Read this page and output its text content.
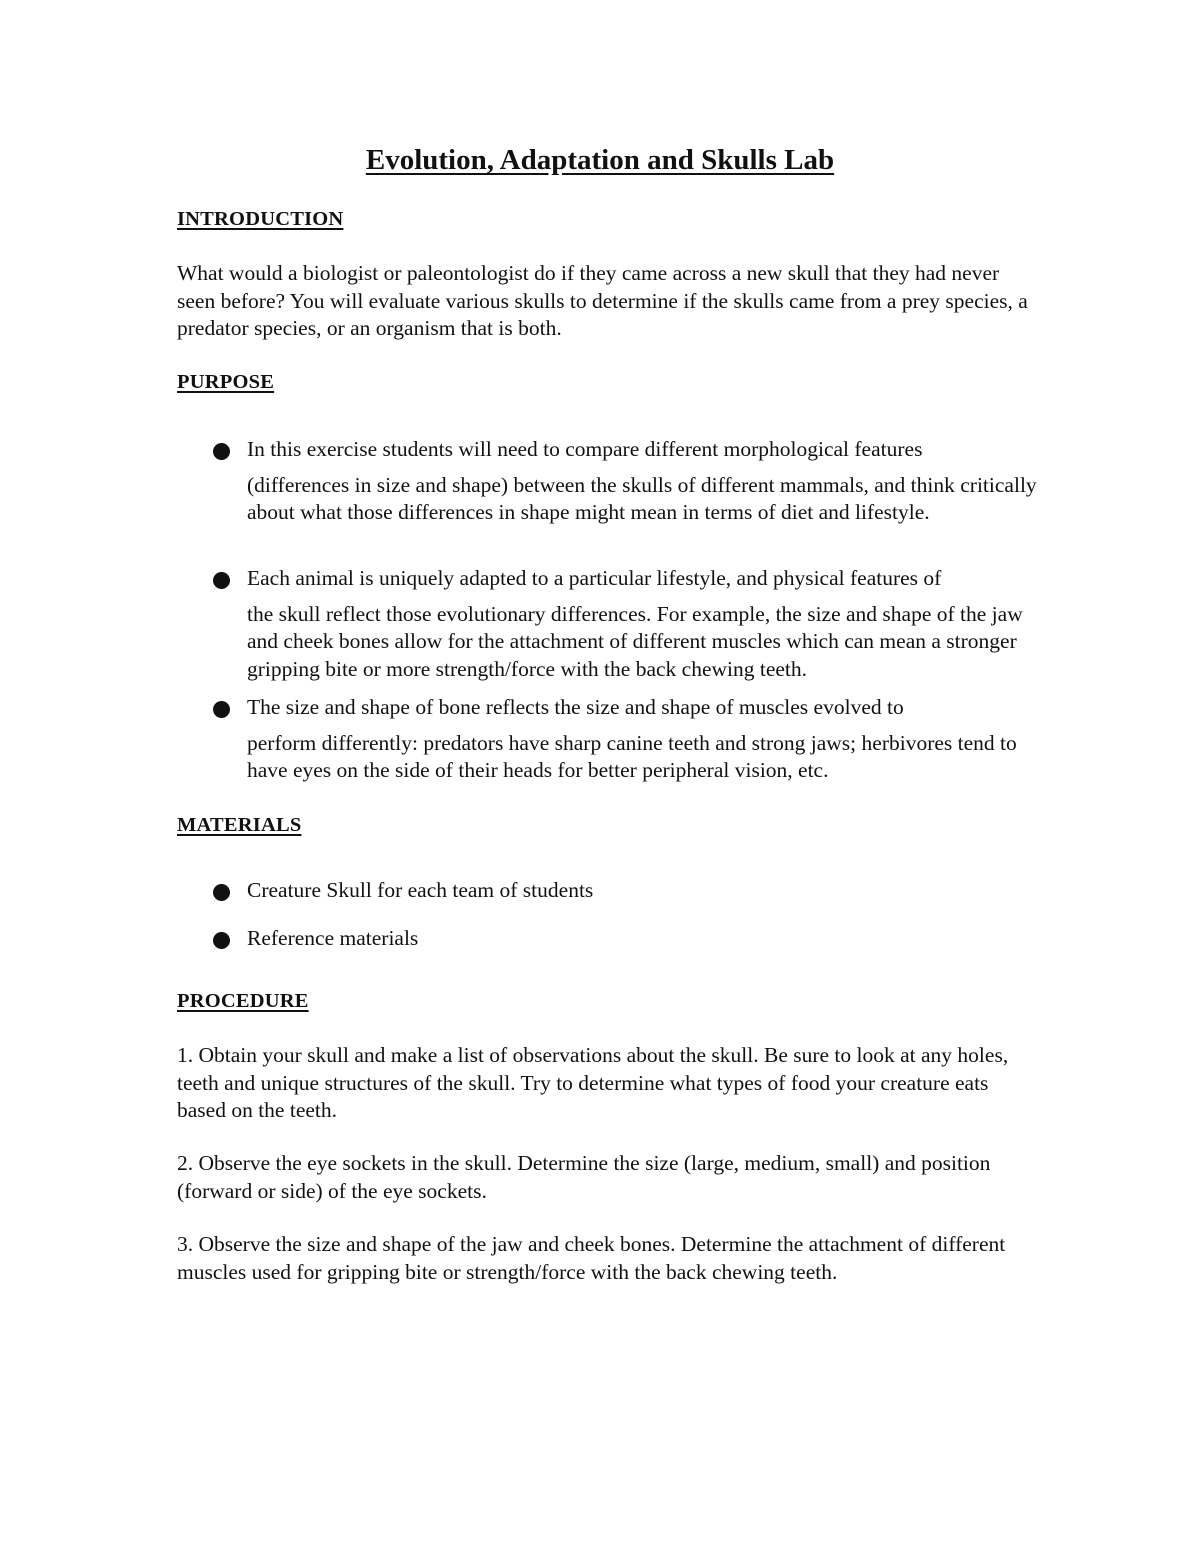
Evolution, Adaptation and Skulls Lab
INTRODUCTION

What would a biologist or paleontologist do if they came across a new skull that they had never seen before? You will evaluate various skulls to determine if the skulls came from a prey species, a predator species, or an organism that is both.

PURPOSE

In this exercise students will need to compare different morphological features
(differences in size and shape) between the skulls of different mammals, and think critically about what those differences in shape might mean in terms of diet and lifestyle.

Each animal is uniquely adapted to a particular lifestyle, and physical features of
the skull reflect those evolutionary differences. For example, the size and shape of the jaw and cheek bones allow for the attachment of different muscles which can mean a stronger gripping bite or more strength/force with the back chewing teeth.

The size and shape of bone reflects the size and shape of muscles evolved to
perform differently: predators have sharp canine teeth and strong jaws; herbivores tend to have eyes on the side of their heads for better peripheral vision, etc.

MATERIALS

Creature Skull for each team of students

Reference materials

PROCEDURE

1. Obtain your skull and make a list of observations about the skull. Be sure to look at any holes, teeth and unique structures of the skull. Try to determine what types of food your creature eats based on the teeth.

2. Observe the eye sockets in the skull. Determine the size (large, medium, small) and position (forward or side) of the eye sockets.

3. Observe the size and shape of the jaw and cheek bones. Determine the attachment of different muscles used for gripping bite or strength/force with the back chewing teeth.
